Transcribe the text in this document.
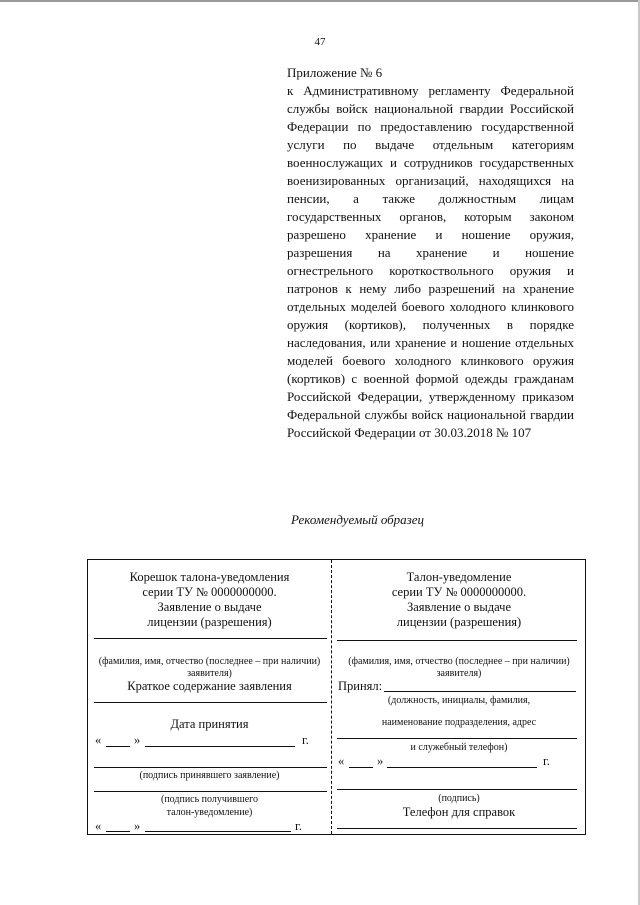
47
Приложение № 6
к Административному регламенту Федеральной службы войск национальной гвардии Российской Федерации по предоставлению государственной услуги по выдаче отдельным категориям военнослужащих и сотрудников государственных военизированных организаций, находящихся на пенсии, а также должностным лицам государственных органов, которым законом разрешено хранение и ношение оружия, разрешения на хранение и ношение огнестрельного короткоствольного оружия и патронов к нему либо разрешений на хранение отдельных моделей боевого холодного клинкового оружия (кортиков), полученных в порядке наследования, или хранение и ношение отдельных моделей боевого холодного клинкового оружия (кортиков) с военной формой одежды гражданам Российской Федерации, утвержденному приказом Федеральной службы войск национальной гвардии Российской Федерации от 30.03.2018 № 107
Рекомендуемый образец
Корешок талона-уведомления
серии ТУ № 0000000000.
Заявление о выдаче
лицензии (разрешения)
(фамилия, имя, отчество (последнее – при наличии)
заявителя)
Краткое содержание заявления
Дата принятия
«	»	г.
(подпись принявшего заявление)
(подпись получившего
талон-уведомление)
«	»	г.
Талон-уведомление
серии ТУ № 0000000000.
Заявление о выдаче
лицензии (разрешения)
(фамилия, имя, отчество (последнее – при наличии)
заявителя)
Принял:
(должность, инициалы, фамилия,
наименование подразделения, адрес
и служебный телефон)
«	»	г.
(подпись)
Телефон для справок
